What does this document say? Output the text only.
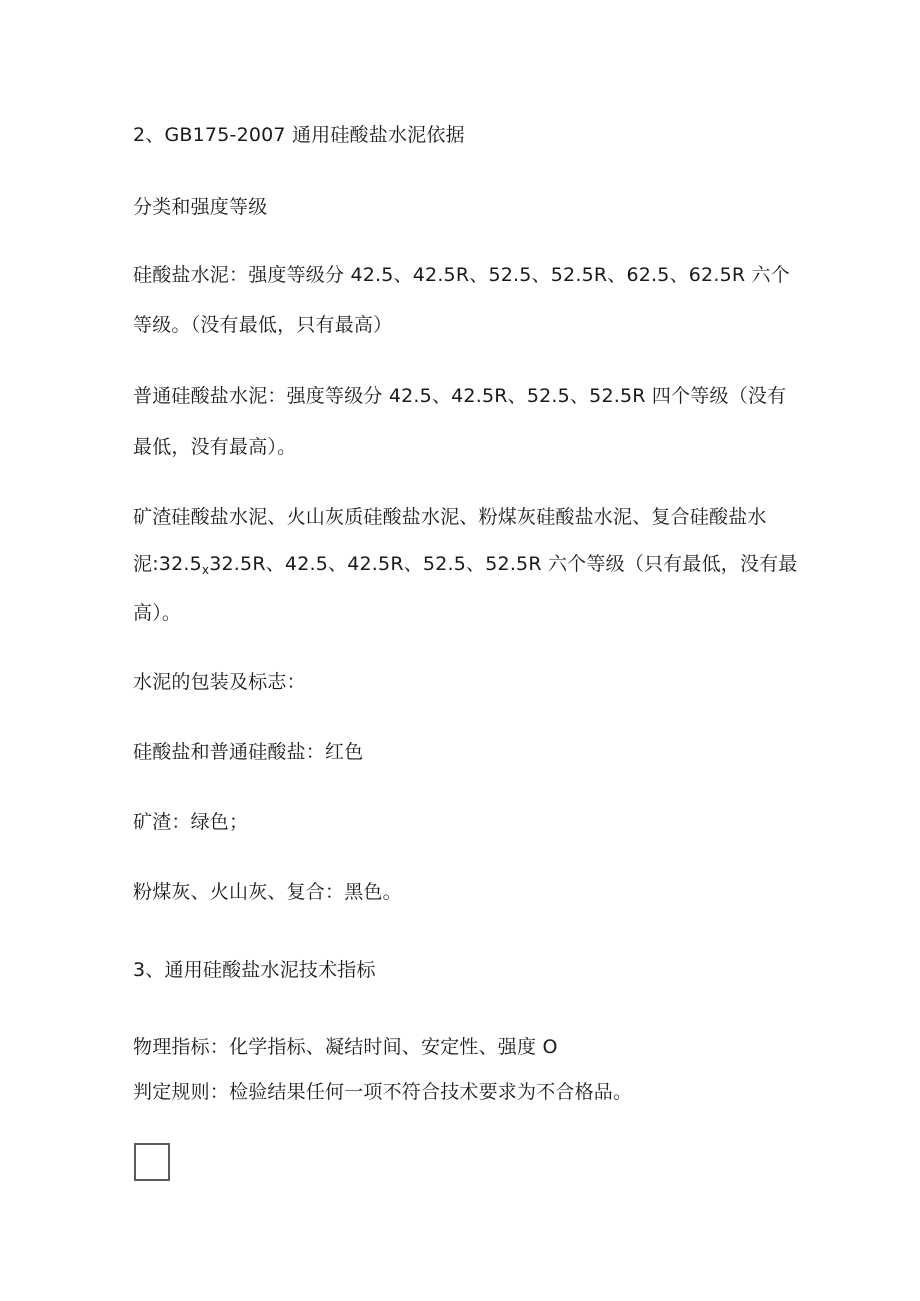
2、GB175-2007 通用硅酸盐水泥依据
分类和强度等级
硅酸盐水泥：强度等级分 42.5、42.5R、52.5、52.5R、62.5、62.5R 六个
等级。（没有最低，只有最高）
普通硅酸盐水泥：强度等级分 42.5、42.5R、52.5、52.5R 四个等级（没有
最低，没有最高）。
矿渣硅酸盐水泥、火山灰质硅酸盐水泥、粉煤灰硅酸盐水泥、复合硅酸盐水
泥$:32.5_x32.5R$、42.5、42.5R、52.5、52.5R 六个等级（只有最低，没有最
高）。
水泥的包装及标志：
硅酸盐和普通硅酸盐：红色
矿渣：绿色；
粉煤灰、火山灰、复合：黑色。
3、通用硅酸盐水泥技术指标
物理指标：化学指标、凝结时间、安定性、强度 O
判定规则：检验结果任何一项不符合技术要求为不合格品。
